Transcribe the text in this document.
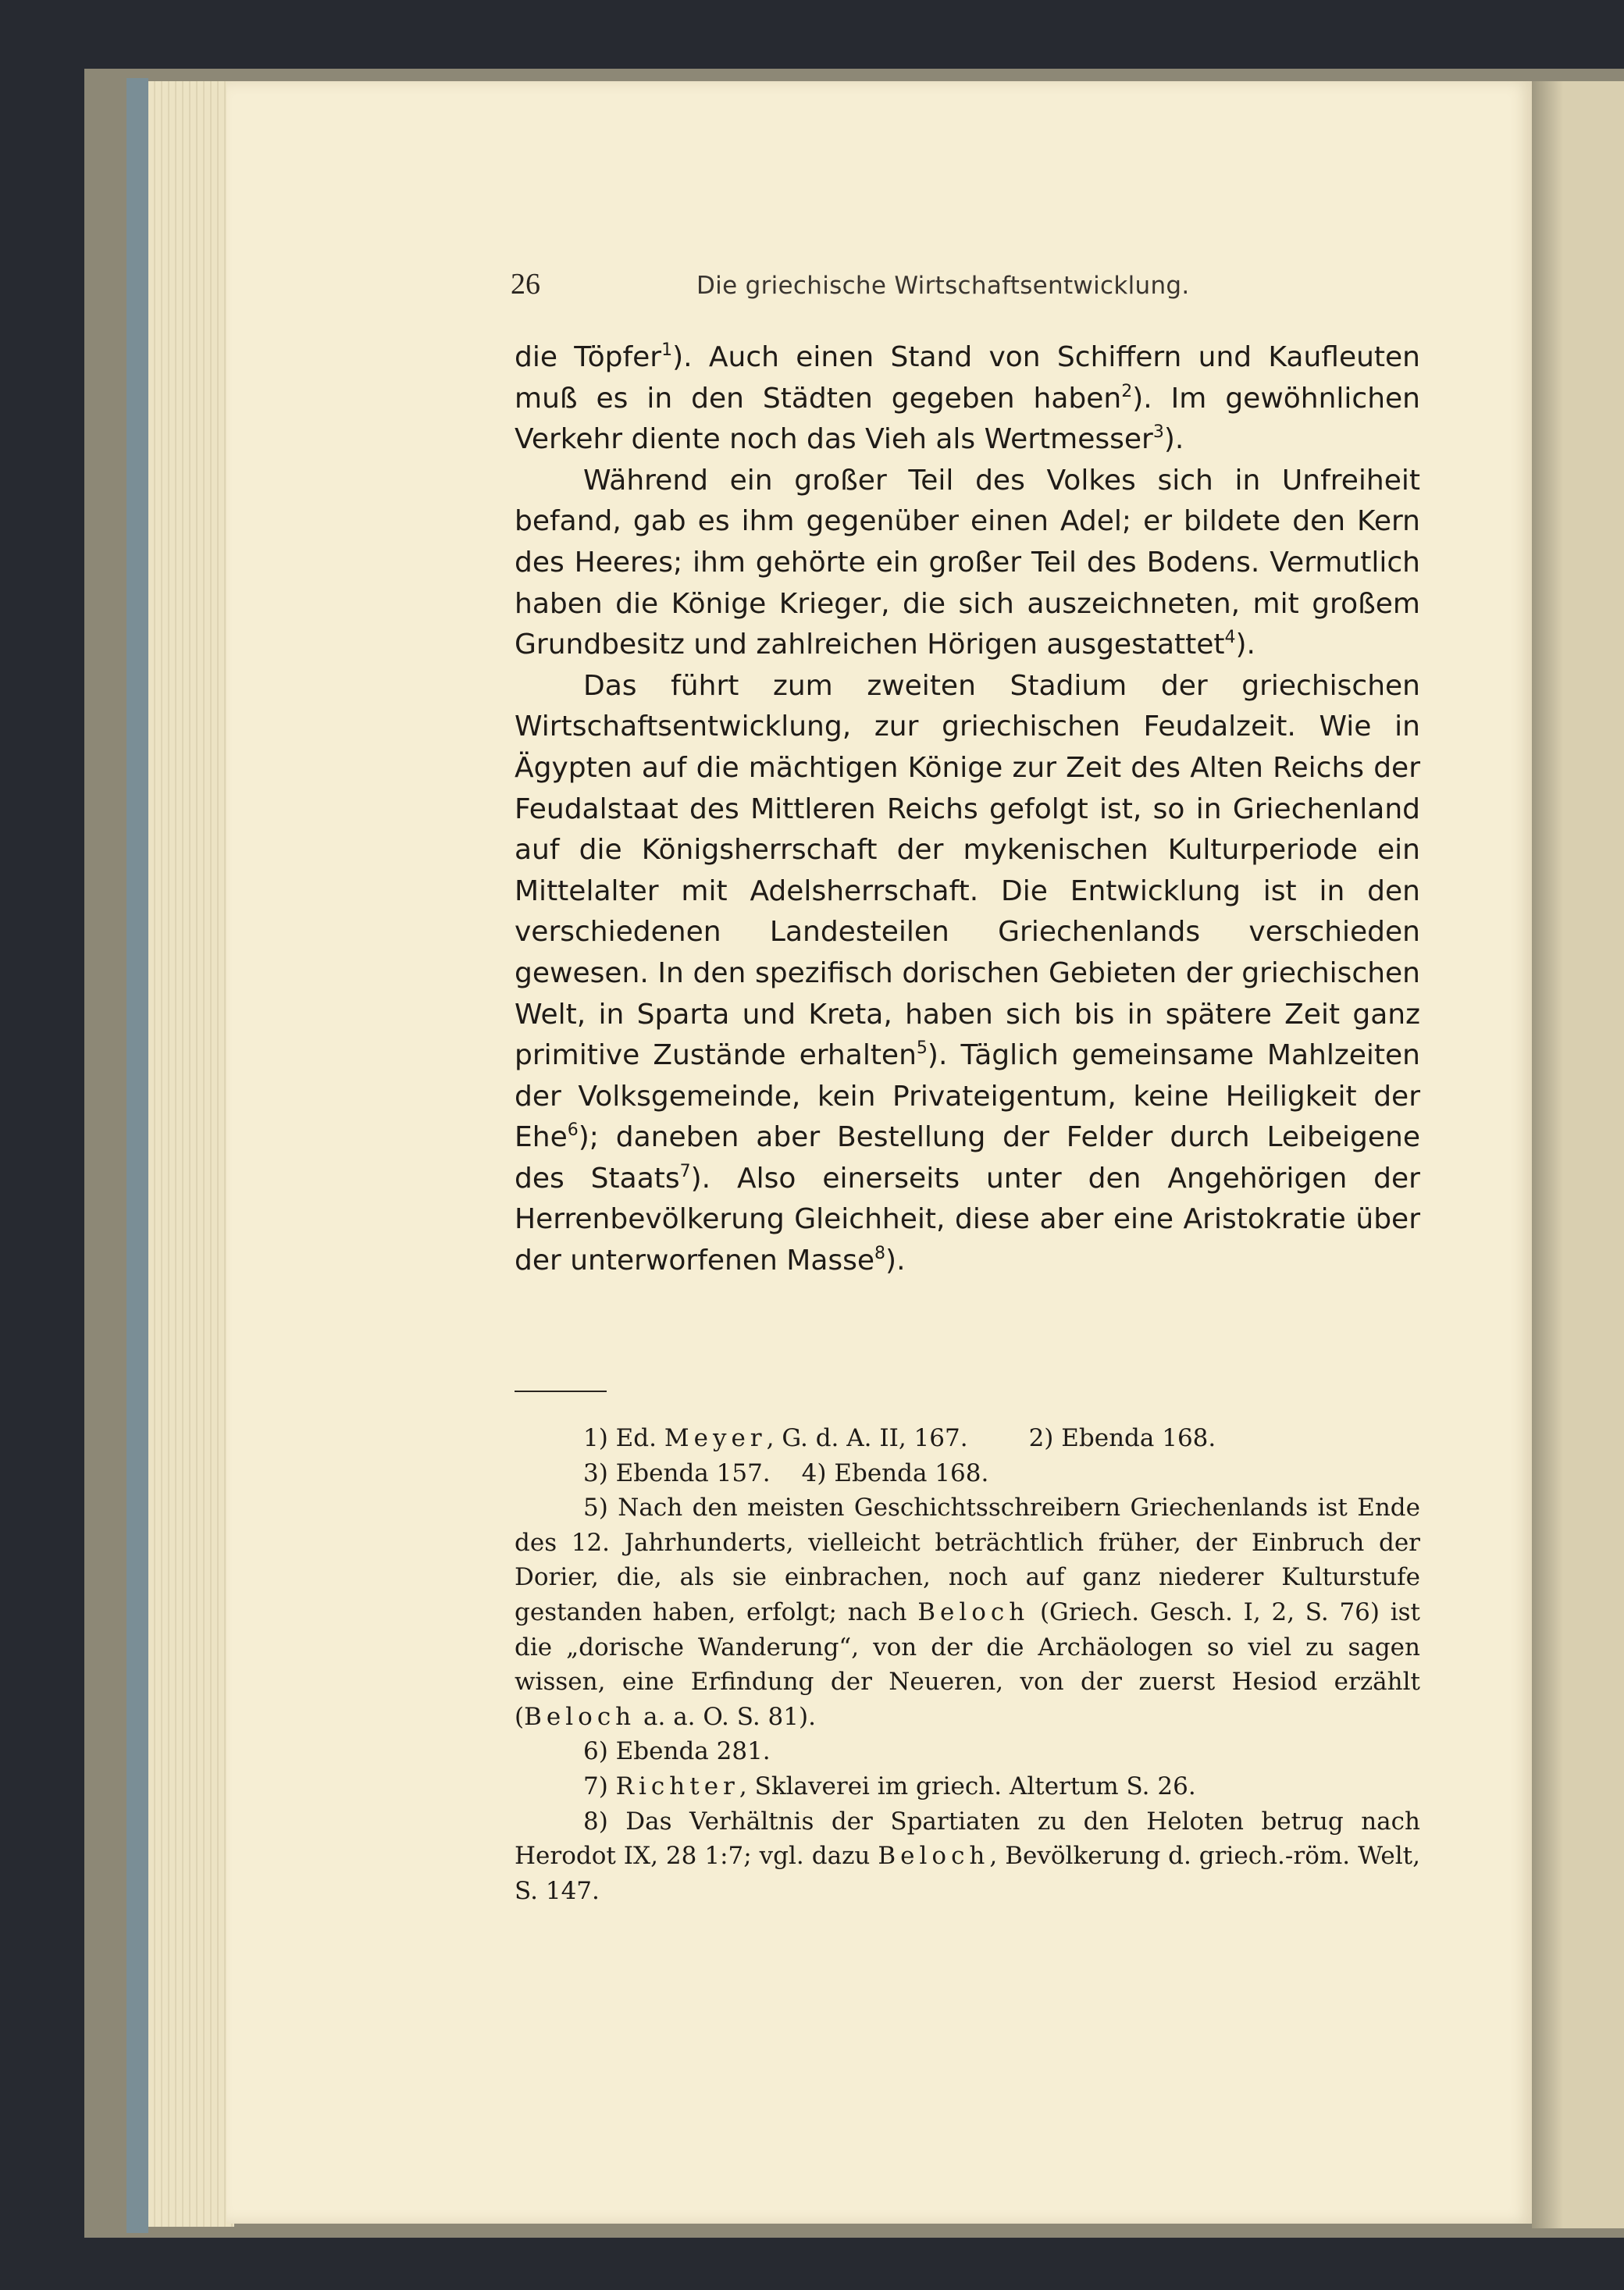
26	Die griechische Wirtschaftsentwicklung.

die Töpfer$^1$). Auch einen Stand von Schiffern und Kaufleuten muß es in den Städten gegeben haben$^2$). Im gewöhnlichen Verkehr diente noch das Vieh als Wertmesser$^3$).

Während ein großer Teil des Volkes sich in Unfreiheit befand, gab es ihm gegenüber einen Adel; er bildete den Kern des Heeres; ihm gehörte ein großer Teil des Bodens. Vermutlich haben die Könige Krieger, die sich auszeichneten, mit großem Grundbesitz und zahlreichen Hörigen ausgestattet$^4$).

Das führt zum zweiten Stadium der griechischen Wirtschaftsentwicklung, zur griechischen Feudalzeit. Wie in Ägypten auf die mächtigen Könige zur Zeit des Alten Reichs der Feudalstaat des Mittleren Reichs gefolgt ist, so in Griechenland auf die Königsherrschaft der mykenischen Kulturperiode ein Mittelalter mit Adelsherrschaft. Die Entwicklung ist in den verschiedenen Landesteilen Griechenlands verschieden gewesen. In den spezifisch dorischen Gebieten der griechischen Welt, in Sparta und Kreta, haben sich bis in spätere Zeit ganz primitive Zustände erhalten$^5$). Täglich gemeinsame Mahlzeiten der Volksgemeinde, kein Privateigentum, keine Heiligkeit der Ehe$^6$); daneben aber Bestellung der Felder durch Leibeigene des Staats$^7$). Also einerseits unter den Angehörigen der Herrenbevölkerung Gleichheit, diese aber eine Aristokratie über der unterworfenen Masse$^8$).

1) Ed. Meyer, G. d. A. II, 167.	2) Ebenda 168.
3) Ebenda 157. 4) Ebenda 168.

5) Nach den meisten Geschichtsschreibern Griechenlands ist Ende des 12. Jahrhunderts, vielleicht beträchtlich früher, der Einbruch der Dorier, die, als sie einbrachen, noch auf ganz niederer Kulturstufe gestanden haben, erfolgt; nach Beloch (Griech. Gesch. I, 2, S. 76) ist die „dorische Wanderung“, von der die Archäologen so viel zu sagen wissen, eine Erfindung der Neueren, von der zuerst Hesiod erzählt (Beloch a. a. O. S. 81).

6) Ebenda 281.

7) Richter, Sklaverei im griech. Altertum S. 26.

8) Das Verhältnis der Spartiaten zu den Heloten betrug nach Herodot IX, 28 1:7; vgl. dazu Beloch, Bevölkerung d. griech.-röm. Welt, S. 147.
